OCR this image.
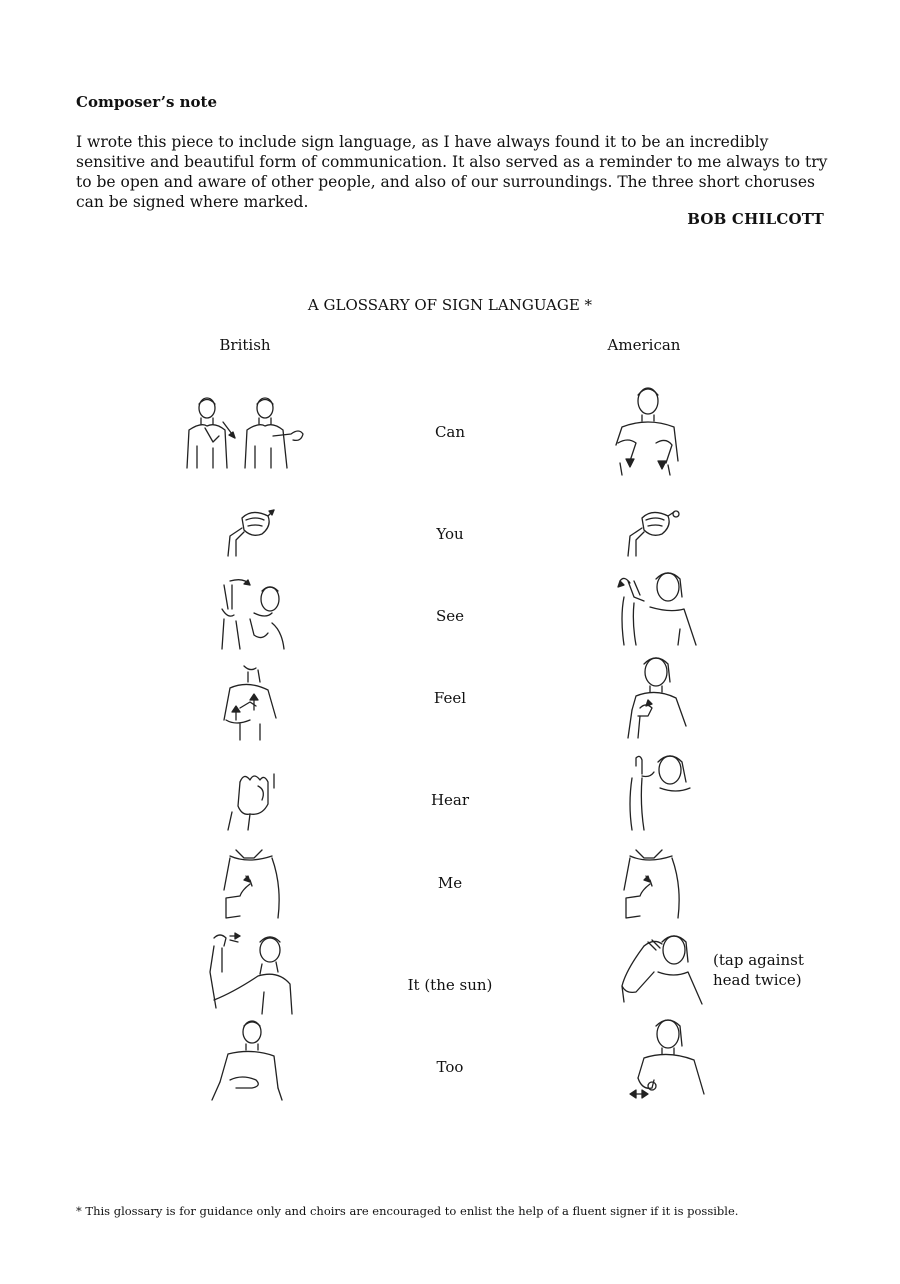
Composer’s note
I wrote this piece to include sign language, as I have always found it to be an incredibly sensitive and beautiful form of communication. It also served as a reminder to me always to try to be open and aware of other people, and also of our surroundings. The three short choruses can be signed where marked.
BOB CHILCOTT
A GLOSSARY OF SIGN LANGUAGE *
British	American
Can
You
See
Feel
Hear
Me
It (the sun)
Too
(tap against head twice)
* This glossary is for guidance only and choirs are encouraged to enlist the help of a fluent signer if it is possible.
